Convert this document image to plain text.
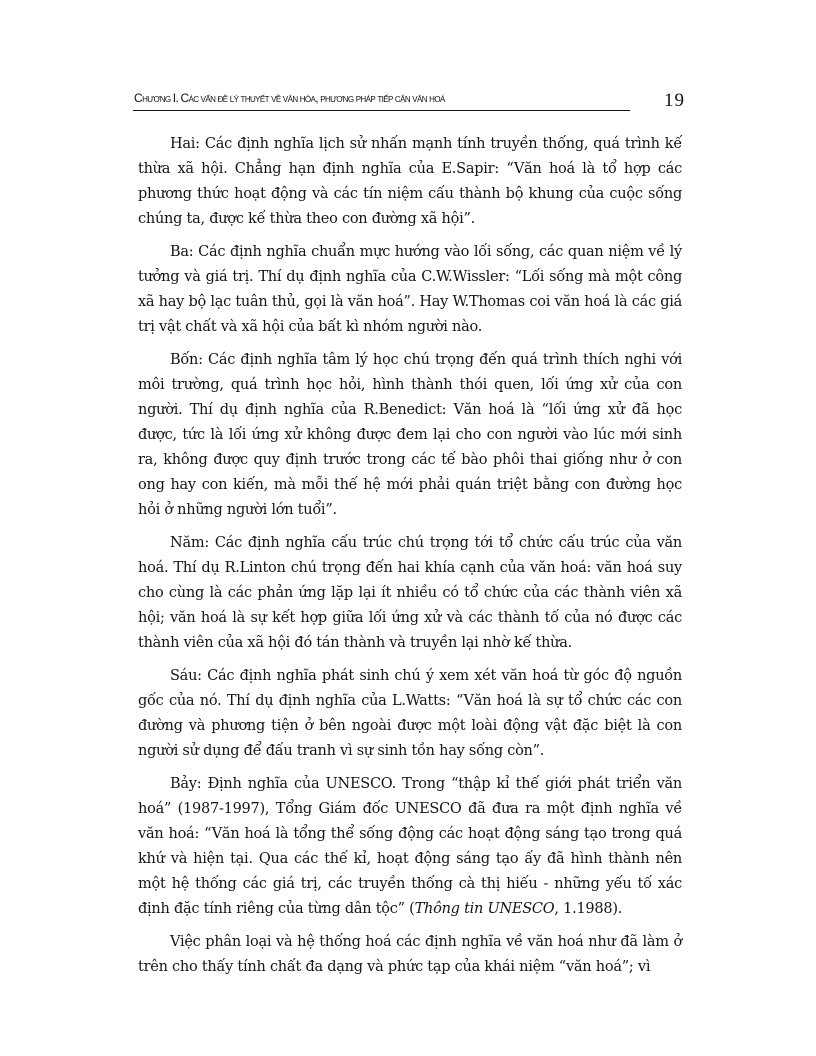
Chương I. Các vấn đề lý thuyết về văn hóa, phương pháp tiếp cận văn hoá	19

Hai: Các định nghĩa lịch sử nhấn mạnh tính truyền thống, quá trình kế thừa xã hội. Chẳng hạn định nghĩa của E.Sapir: “Văn hoá là tổ hợp các phương thức hoạt động và các tín niệm cấu thành bộ khung của cuộc sống chúng ta, được kế thừa theo con đường xã hội”.

Ba: Các định nghĩa chuẩn mực hướng vào lối sống, các quan niệm về lý tưởng và giá trị. Thí dụ định nghĩa của C.W.Wissler: “Lối sống mà một công xã hay bộ lạc tuân thủ, gọi là văn hoá”. Hay W.Thomas coi văn hoá là các giá trị vật chất và xã hội của bất kì nhóm người nào.

Bốn: Các định nghĩa tâm lý học chú trọng đến quá trình thích nghi với môi trường, quá trình học hỏi, hình thành thói quen, lối ứng xử của con người. Thí dụ định nghĩa của R.Benedict: Văn hoá là “lối ứng xử đã học được, tức là lối ứng xử không được đem lại cho con người vào lúc mới sinh ra, không được quy định trước trong các tế bào phôi thai giống như ở con ong hay con kiến, mà mỗi thế hệ mới phải quán triệt bằng con đường học hỏi ở những người lớn tuổi”.

Năm: Các định nghĩa cấu trúc chú trọng tới tổ chức cấu trúc của văn hoá. Thí dụ R.Linton chú trọng đến hai khía cạnh của văn hoá: văn hoá suy cho cùng là các phản ứng lặp lại ít nhiều có tổ chức của các thành viên xã hội; văn hoá là sự kết hợp giữa lối ứng xử và các thành tố của nó được các thành viên của xã hội đó tán thành và truyền lại nhờ kế thừa.

Sáu: Các định nghĩa phát sinh chú ý xem xét văn hoá từ góc độ nguồn gốc của nó. Thí dụ định nghĩa của L.Watts: “Văn hoá là sự tổ chức các con đường và phương tiện ở bên ngoài được một loài động vật đặc biệt là con người sử dụng để đấu tranh vì sự sinh tồn hay sống còn”.

Bảy: Định nghĩa của UNESCO. Trong “thập kỉ thế giới phát triển văn hoá” (1987-1997), Tổng Giám đốc UNESCO đã đưa ra một định nghĩa về văn hoá: “Văn hoá là tổng thể sống động các hoạt động sáng tạo trong quá khứ và hiện tại. Qua các thế kỉ, hoạt động sáng tạo ấy đã hình thành nên một hệ thống các giá trị, các truyền thống cà thị hiếu - những yếu tố xác định đặc tính riêng của từng dân tộc” (Thông tin UNESCO, 1.1988).

Việc phân loại và hệ thống hoá các định nghĩa về văn hoá như đã làm ở trên cho thấy tính chất đa dạng và phức tạp của khái niệm “văn hoá”; vì
